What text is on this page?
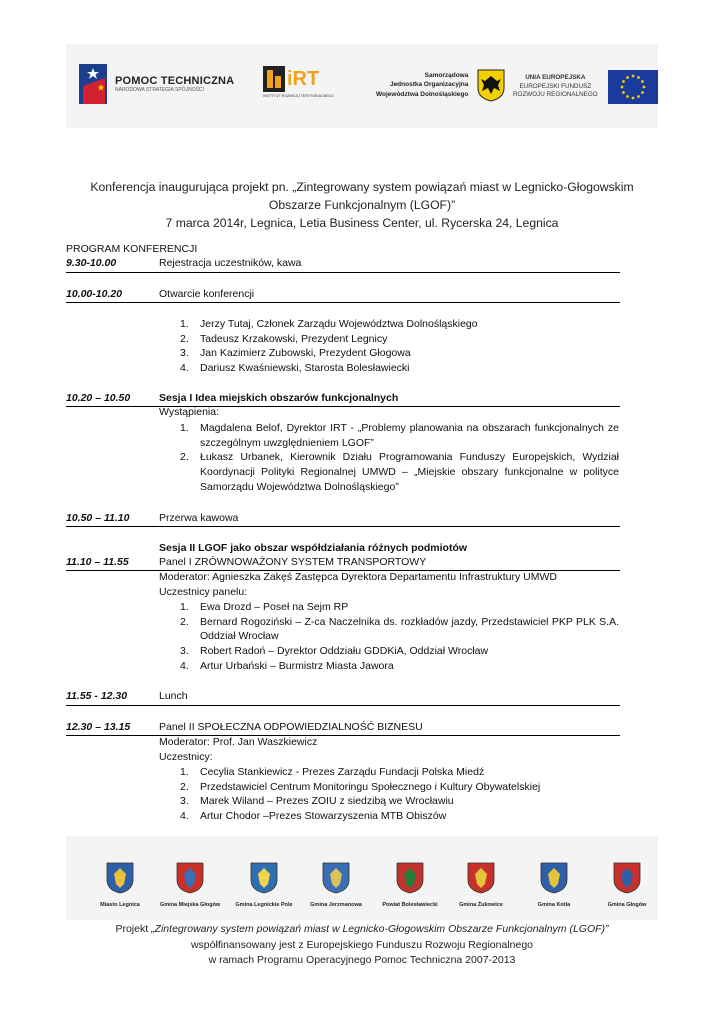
POMOC TECHNICZNA
NARODOWA STRATEGIA SPÓJNOŚCI
iRT
INSTYTUT ROZWOJU TERYTORIALNEGO
Samorządowa
Jednostka Organizacyjna
Województwa Dolnośląskiego
UNIA EUROPEJSKA
EUROPEJSKI FUNDUSZ
ROZWOJU REGIONALNEGO
Konferencja inaugurująca projekt pn. „Zintegrowany system powiązań miast w Legnicko-Głogowskim
Obszarze Funkcjonalnym (LGOF)”
7 marca 2014r, Legnica, Letia Business Center, ul. Rycerska 24, Legnica
PROGRAM KONFERENCJI
9.30-10.00	Rejestracja uczestników, kawa
10.00-10.20	Otwarcie konferencji
1. Jerzy Tutaj, Członek Zarządu Województwa Dolnośląskiego
2. Tadeusz Krzakowski, Prezydent Legnicy
3. Jan Kazimierz Zubowski, Prezydent Głogowa
4. Dariusz Kwaśniewski, Starosta Bolesławiecki
10.20 – 10.50	Sesja I Idea miejskich obszarów funkcjonalnych
Wystąpienia:
1. Magdalena Belof, Dyrektor IRT - „Problemy planowania na obszarach funkcjonalnych ze szczególnym uwzględnieniem LGOF”
2. Łukasz Urbanek, Kierownik Działu Programowania Funduszy Europejskich, Wydział Koordynacji Polityki Regionalnej UMWD – „Miejskie obszary funkcjonalne w polityce Samorządu Województwa Dolnośląskiego”
10.50 – 11.10	Przerwa kawowa
Sesja II LGOF jako obszar współdziałania różnych podmiotów
11.10 – 11.55	Panel I ZRÓWNOWAŻONY SYSTEM TRANSPORTOWY
Moderator: Agnieszka Zakęś Zastępca Dyrektora Departamentu Infrastruktury UMWD
Uczestnicy panelu:
1. Ewa Drozd – Poseł na Sejm RP
2. Bernard Rogoziński – Z-ca Naczelnika ds. rozkładów jazdy, Przedstawiciel PKP PLK S.A. Oddział Wrocław
3. Robert Radoń – Dyrektor Oddziału GDDKiA, Oddział Wrocław
4. Artur Urbański – Burmistrz Miasta Jawora
11.55 - 12.30	Lunch
12.30 – 13.15	Panel II SPOŁECZNA ODPOWIEDZIALNOŚĆ BIZNESU
Moderator: Prof. Jan Waszkiewicz
Uczestnicy:
1. Cecylia Stankiewicz - Prezes Zarządu Fundacji Polska Miedź
2. Przedstawiciel Centrum Monitoringu Społecznego i Kultury Obywatelskiej
3. Marek Wiland – Prezes ZOIU z siedzibą we Wrocławiu
4. Artur Chodor –Prezes Stowarzyszenia MTB Obiszów
Miasto Legnica	Gmina Miejska Głogów	Gmina Legnickie Pole	Gmina Jerzmanowa	Powiat Bolesławiecki	Gmina Żukowice	Gmina Kotla	Gmina Głogów
Projekt „Zintegrowany system powiązań miast w Legnicko-Głogowskim Obszarze Funkcjonalnym (LGOF)”
współfinansowany jest z Europejskiego Funduszu Rozwoju Regionalnego
w ramach Programu Operacyjnego Pomoc Techniczna 2007-2013
